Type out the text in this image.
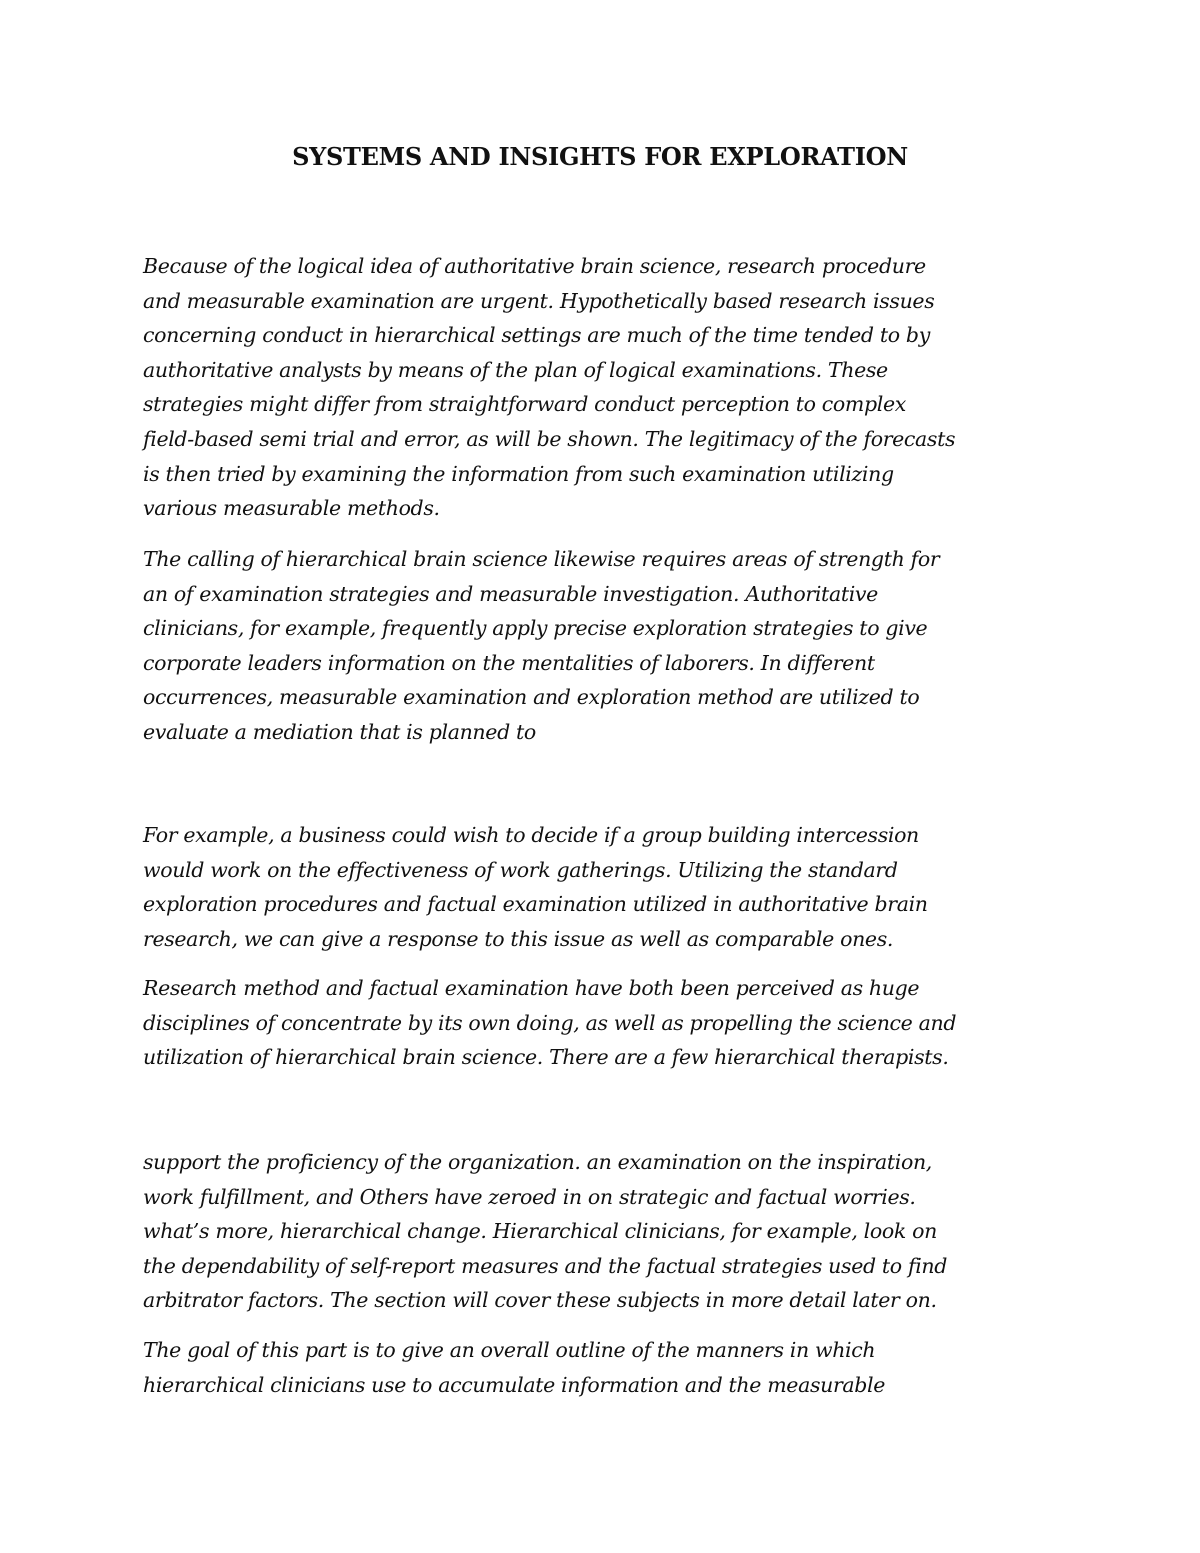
SYSTEMS AND INSIGHTS FOR EXPLORATION

Because of the logical idea of authoritative brain science, research procedure
and measurable examination are urgent. Hypothetically based research issues
concerning conduct in hierarchical settings are much of the time tended to by
authoritative analysts by means of the plan of logical examinations. These
strategies might differ from straightforward conduct perception to complex
field-based semi trial and error, as will be shown. The legitimacy of the forecasts
is then tried by examining the information from such examination utilizing
various measurable methods.

The calling of hierarchical brain science likewise requires areas of strength for
an of examination strategies and measurable investigation. Authoritative
clinicians, for example, frequently apply precise exploration strategies to give
corporate leaders information on the mentalities of laborers. In different
occurrences, measurable examination and exploration method are utilized to
evaluate a mediation that is planned to

For example, a business could wish to decide if a group building intercession
would work on the effectiveness of work gatherings. Utilizing the standard
exploration procedures and factual examination utilized in authoritative brain
research, we can give a response to this issue as well as comparable ones.

Research method and factual examination have both been perceived as huge
disciplines of concentrate by its own doing, as well as propelling the science and
utilization of hierarchical brain science. There are a few hierarchical therapists.

support the proficiency of the organization. an examination on the inspiration,
work fulfillment, and Others have zeroed in on strategic and factual worries.
what’s more, hierarchical change. Hierarchical clinicians, for example, look on
the dependability of self-report measures and the factual strategies used to find
arbitrator factors. The section will cover these subjects in more detail later on.

The goal of this part is to give an overall outline of the manners in which
hierarchical clinicians use to accumulate information and the measurable
